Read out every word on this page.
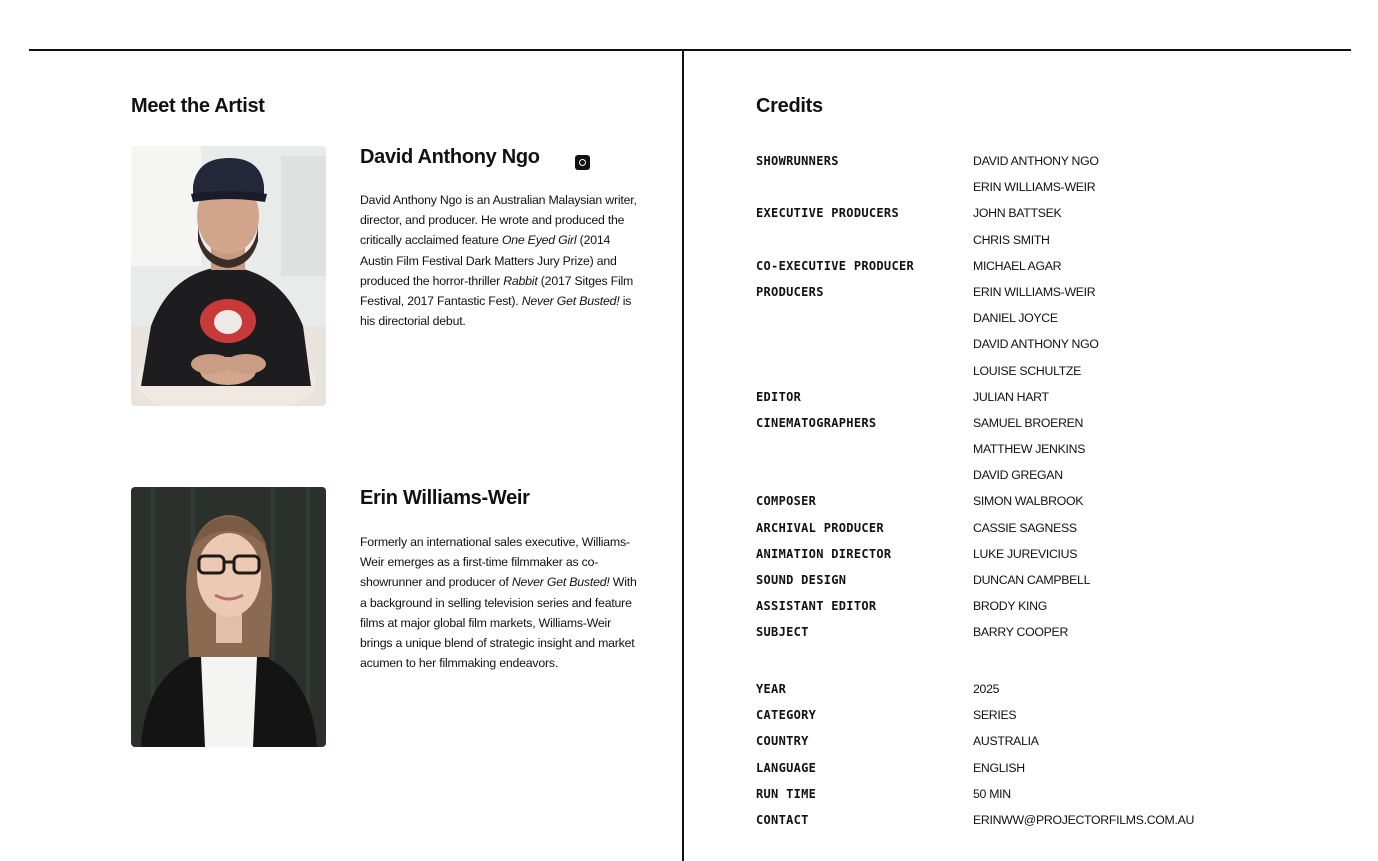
Meet the Artist
David Anthony Ngo

David Anthony Ngo is an Australian Malaysian writer, director, and producer. He wrote and produced the critically acclaimed feature One Eyed Girl (2014 Austin Film Festival Dark Matters Jury Prize) and produced the horror-thriller Rabbit (2017 Sitges Film Festival, 2017 Fantastic Fest). Never Get Busted! is his directorial debut.

Erin Williams-Weir

Formerly an international sales executive, Williams-Weir emerges as a first-time filmmaker as co-showrunner and producer of Never Get Busted! With a background in selling television series and feature films at major global film markets, Williams-Weir brings a unique blend of strategic insight and market acumen to her filmmaking endeavors.

Credits
SHOWRUNNERS	DAVID ANTHONY NGO
ERIN WILLIAMS-WEIR
EXECUTIVE PRODUCERS	JOHN BATTSEK
CHRIS SMITH
CO-EXECUTIVE PRODUCER	MICHAEL AGAR
PRODUCERS	ERIN WILLIAMS-WEIR
DANIEL JOYCE
DAVID ANTHONY NGO
LOUISE SCHULTZE
EDITOR	JULIAN HART
CINEMATOGRAPHERS	SAMUEL BROEREN
MATTHEW JENKINS
DAVID GREGAN
COMPOSER	SIMON WALBROOK
ARCHIVAL PRODUCER	CASSIE SAGNESS
ANIMATION DIRECTOR	LUKE JUREVICIUS
SOUND DESIGN	DUNCAN CAMPBELL
ASSISTANT EDITOR	BRODY KING
SUBJECT	BARRY COOPER
YEAR	2025
CATEGORY	SERIES
COUNTRY	AUSTRALIA
LANGUAGE	ENGLISH
RUN TIME	50 MIN
CONTACT	ERINWW@PROJECTORFILMS.COM.AU
